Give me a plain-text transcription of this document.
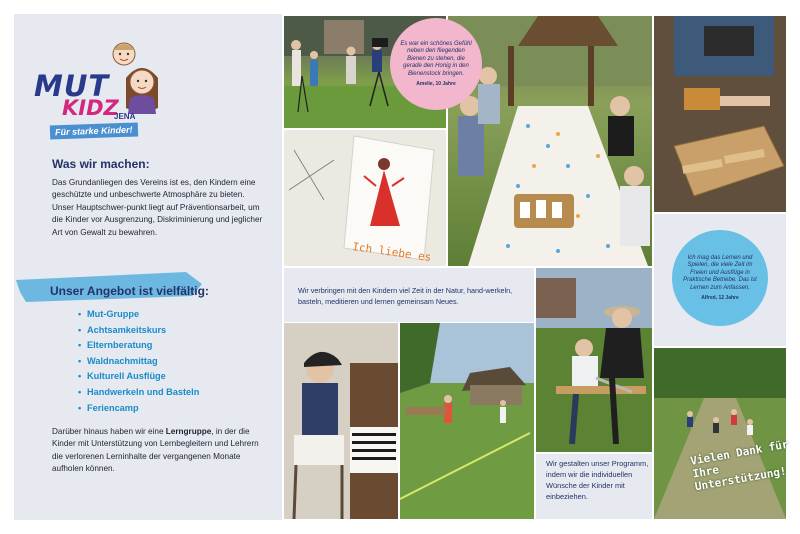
MUT
KIDZ
JENA
Für starke Kinder!
Was wir machen:

Das Grundanliegen des Vereins ist es, den Kindern eine geschützte und unbeschwerte Atmosphäre zu bieten. Unser Hauptschwer-punkt liegt auf Präventionsarbeit, um die Kinder vor Ausgrenzung, Diskriminierung und jeglicher Art von Gewalt zu bewahren.

Unser Angebot ist vielfältig:
• Mut-Gruppe
• Achtsamkeitskurs
• Elternberatung
• Waldnachmittag
• Kulturell Ausflüge
• Handwerkeln und Basteln
• Feriencamp

Darüber hinaus haben wir eine Lerngruppe, in der die Kinder mit Unterstützung von Lernbegleitern und Lehrern die verlorenen Lerninhalte der vergangenen Monate aufholen können.

Ich liebe es

Wir verbringen mit den Kindern viel Zeit in der Natur, hand-werkeln, basteln, meditieren und lernen gemeinsam Neues.

Wir gestalten unser Programm, indem wir die individuellen Wünsche der Kinder mit einbeziehen.

Es war ein schönes Gefühl neben den fliegenden Bienen zu stehen, die gerade den Honig in den Bienenstock bringen.
Amelie, 10 Jahre
Ich mag das Lernen und Spielen, die viele Zeit im Freien und Ausflüge in Praktische Betriebe. Das ist Lernen zum Anfassen.
Alfred, 12 Jahre
Vielen Dank für Ihre Unterstützung!
